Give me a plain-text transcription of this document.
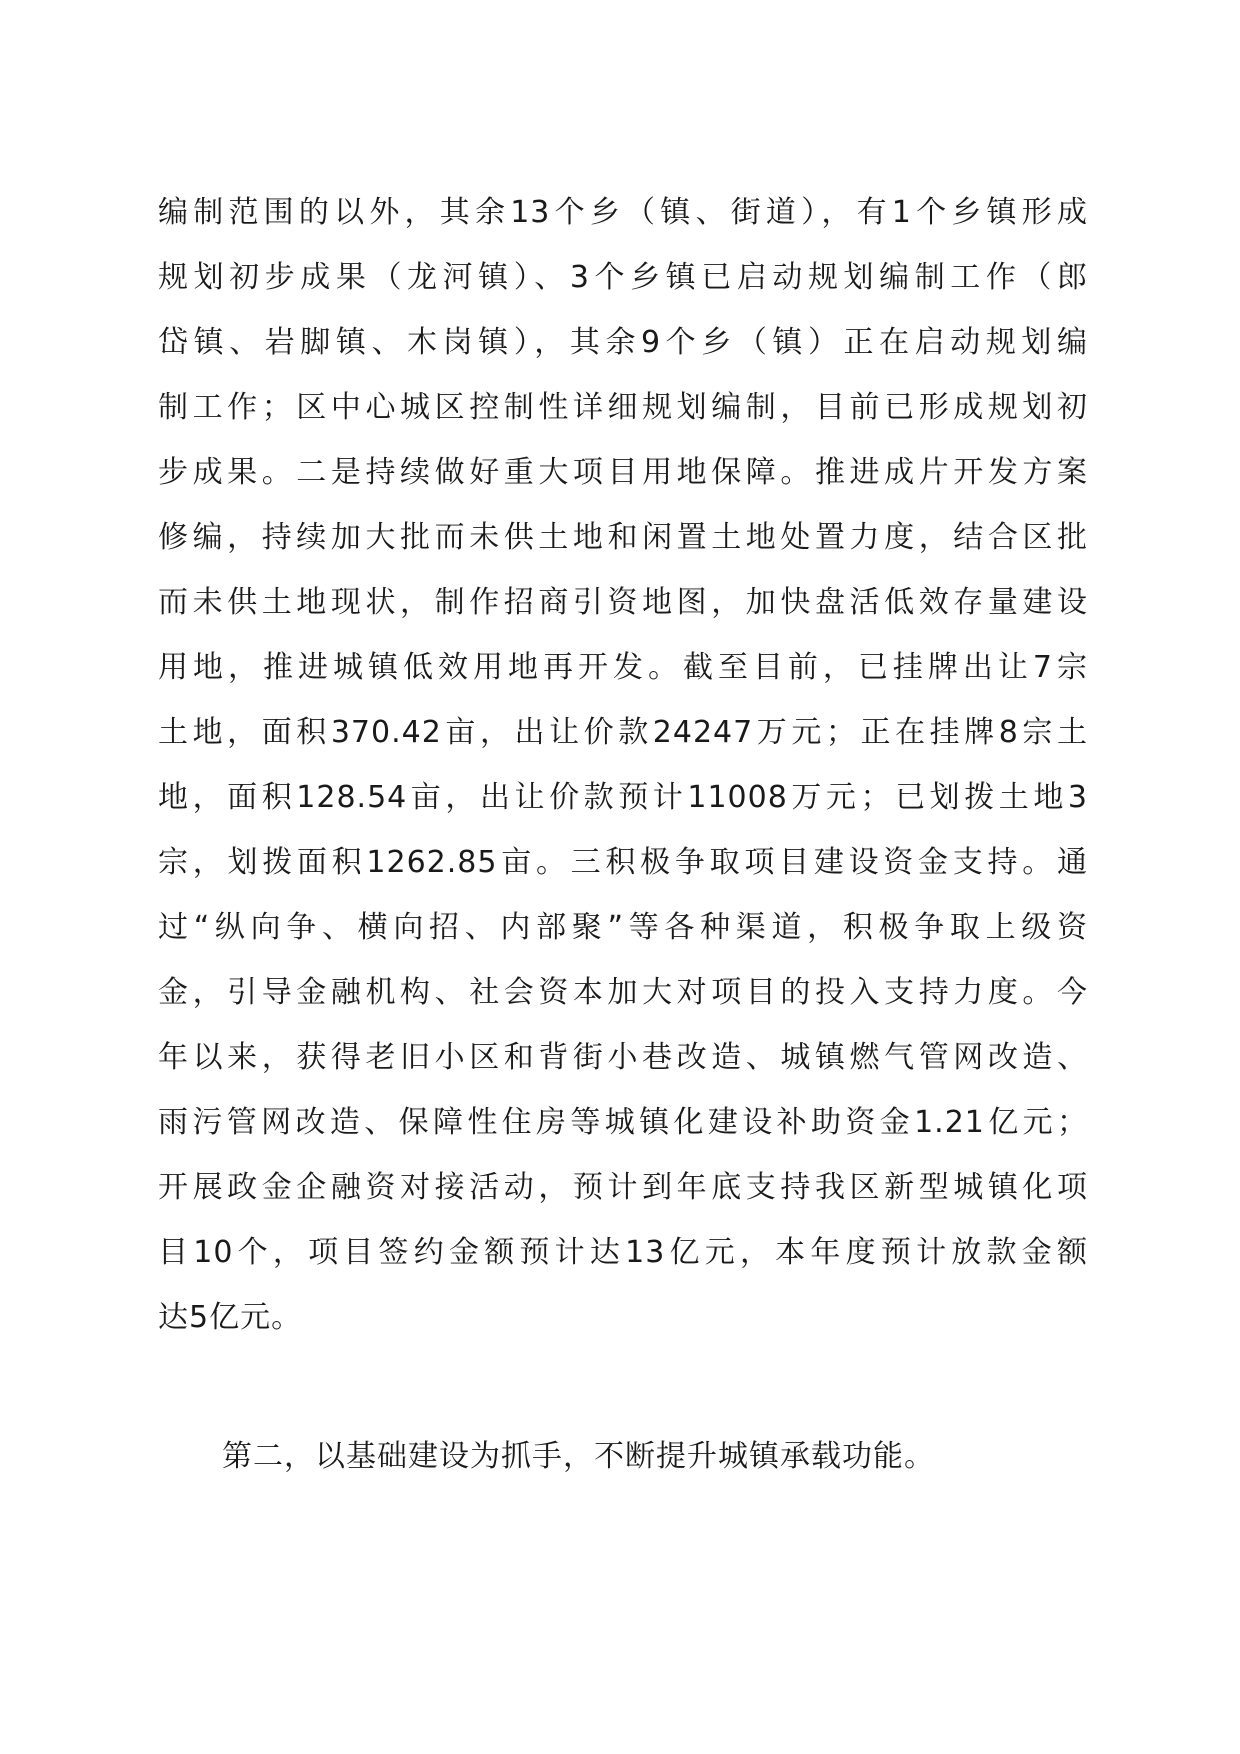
编制范围的以外，其余13个乡（镇、街道），有1个乡镇形成
规划初步成果（龙河镇）、3个乡镇已启动规划编制工作（郎
岱镇、岩脚镇、木岗镇），其余9个乡（镇）正在启动规划编
制工作；区中心城区控制性详细规划编制，目前已形成规划初
步成果。二是持续做好重大项目用地保障。推进成片开发方案
修编，持续加大批而未供土地和闲置土地处置力度，结合区批
而未供土地现状，制作招商引资地图，加快盘活低效存量建设
用地，推进城镇低效用地再开发。截至目前，已挂牌出让7宗
土地，面积370.42亩，出让价款24247万元；正在挂牌8宗土
地，面积128.54亩，出让价款预计11008万元；已划拨土地3
宗，划拨面积1262.85亩。三积极争取项目建设资金支持。通
过“纵向争、横向招、内部聚”等各种渠道，积极争取上级资
金，引导金融机构、社会资本加大对项目的投入支持力度。今
年以来，获得老旧小区和背街小巷改造、城镇燃气管网改造、
雨污管网改造、保障性住房等城镇化建设补助资金1.21亿元；
开展政金企融资对接活动，预计到年底支持我区新型城镇化项
目10个，项目签约金额预计达13亿元，本年度预计放款金额
达5亿元。
第二，以基础建设为抓手，不断提升城镇承载功能。
